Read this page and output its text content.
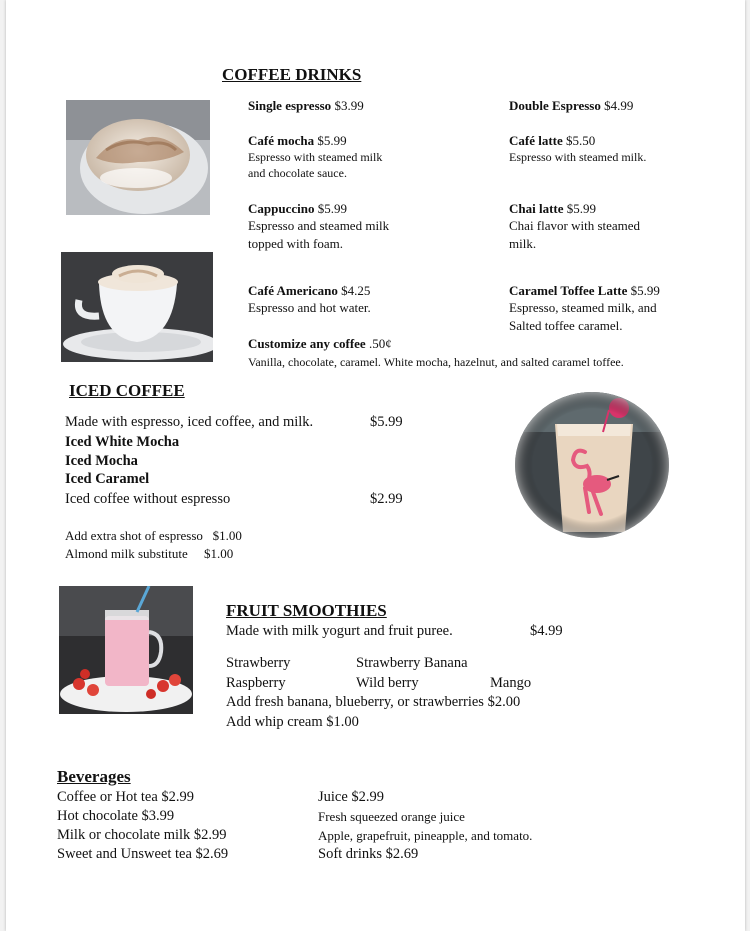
COFFEE DRINKS
Single espresso $3.99
Café mocha $5.99
Espresso with steamed milk
and chocolate sauce.
Cappuccino $5.99
Espresso and steamed milk
topped with foam.
Café Americano $4.25
Espresso and hot water.
Double Espresso $4.99
Café latte $5.50
Espresso with steamed milk.
Chai latte $5.99
Chai flavor with steamed
milk.
Caramel Toffee Latte $5.99
Espresso, steamed milk, and
Salted toffee caramel.
Customize any coffee .50¢
Vanilla, chocolate, caramel. White mocha, hazelnut, and salted caramel toffee.
ICED COFFEE
Made with espresso, iced coffee, and milk.	$5.99
Iced White Mocha
Iced Mocha
Iced Caramel
Iced coffee without espresso	$2.99
Add extra shot of espresso $1.00
Almond milk substitute $1.00
FRUIT SMOOTHIES
Made with milk yogurt and fruit puree.	$4.99
Strawberry	Strawberry Banana
Raspberry	Wild berry	Mango
Add fresh banana, blueberry, or strawberries $2.00
Add whip cream $1.00
Beverages
Coffee or Hot tea $2.99
Hot chocolate $3.99
Milk or chocolate milk $2.99
Sweet and Unsweet tea $2.69
Juice $2.99
Fresh squeezed orange juice
Apple, grapefruit, pineapple, and tomato.
Soft drinks $2.69
